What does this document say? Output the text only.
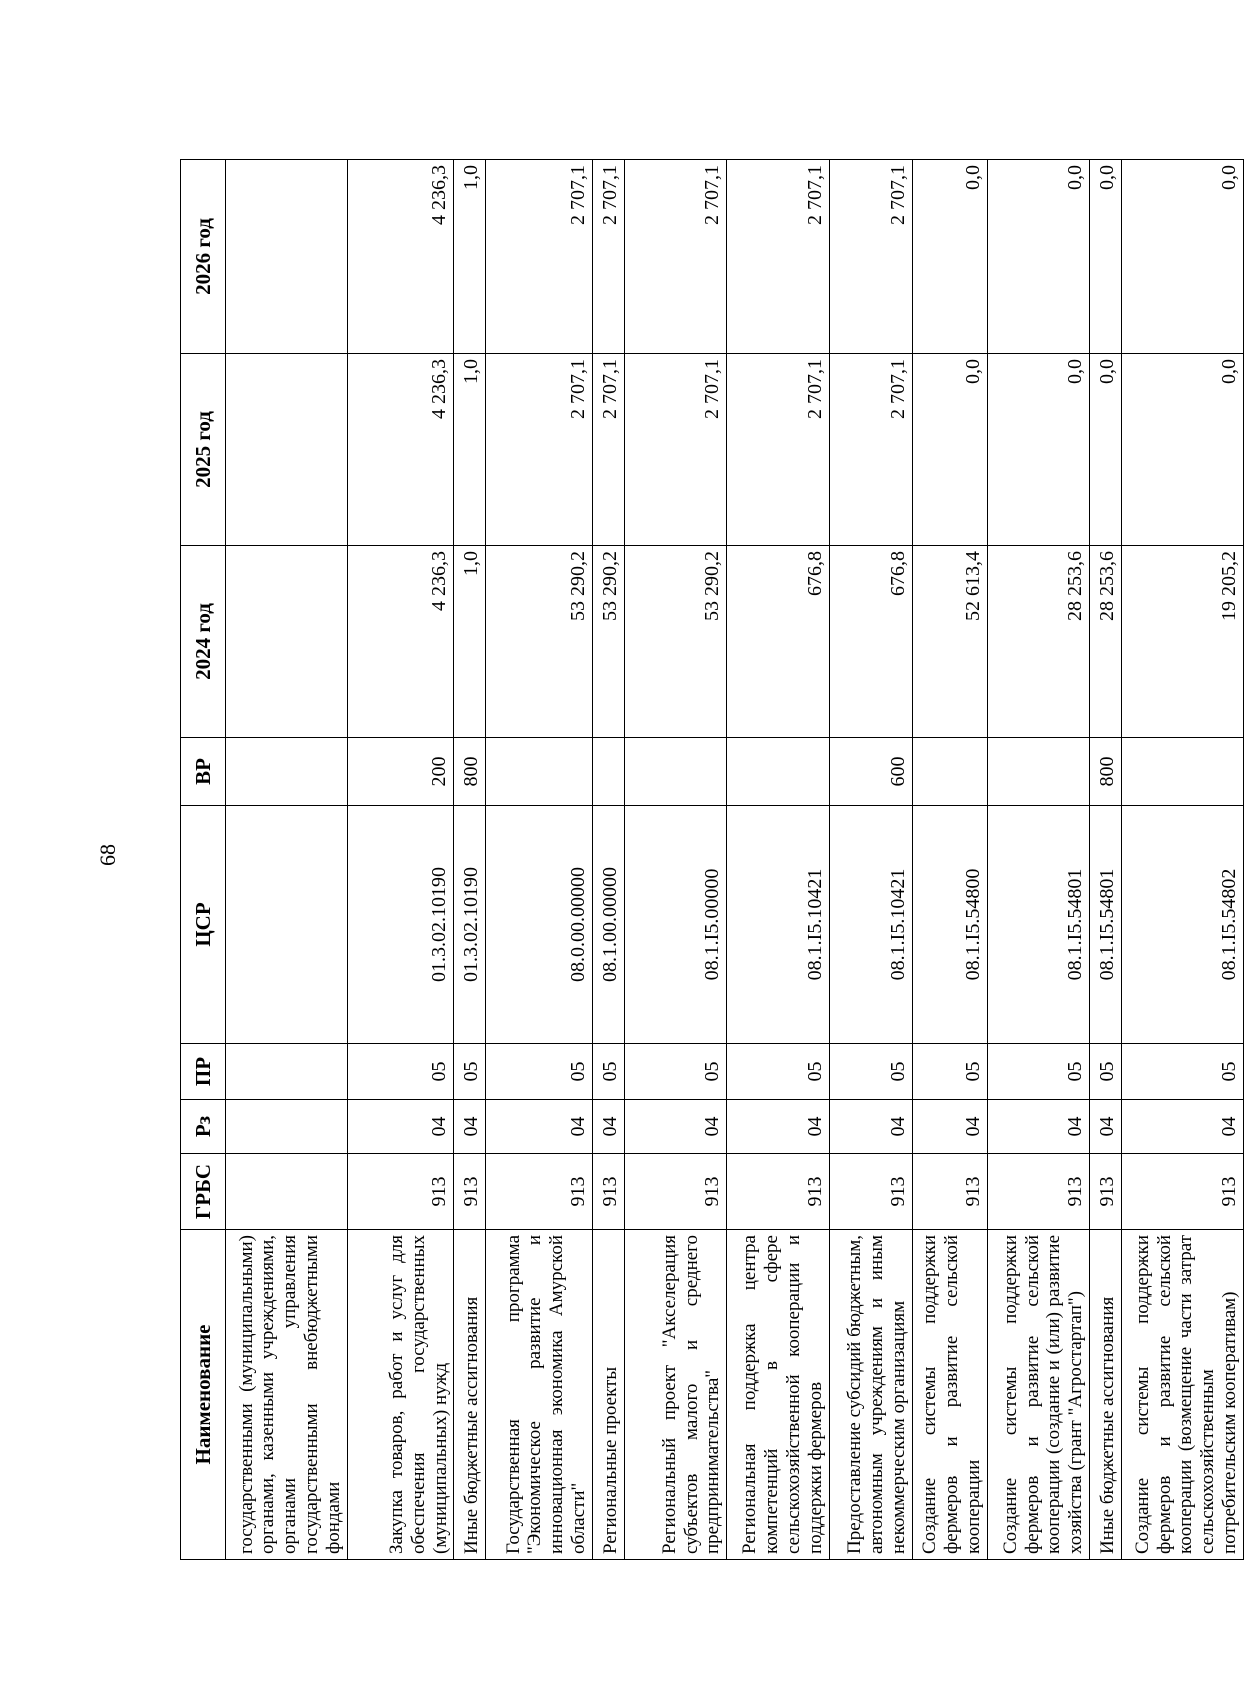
68
Наименование	ГРБС	Рз	ПР	ЦСР	ВР	2024 год	2025 год	2026 год
государственными (муниципальными) органами, казенными учреждениями, органами управления государственными внебюджетными фондами								
Закупка товаров, работ и услуг для обеспечения государственных (муниципальных) нужд	913	04	05	01.3.02.10190	200	4 236,3	4 236,3	4 236,3
Иные бюджетные ассигнования	913	04	05	01.3.02.10190	800	1,0	1,0	1,0
Государственная программа "Экономическое развитие и инновационная экономика Амурской области"	913	04	05	08.0.00.00000		53 290,2	2 707,1	2 707,1
Региональные проекты	913	04	05	08.1.00.00000		53 290,2	2 707,1	2 707,1
Региональный проект "Акселерация субъектов малого и среднего предпринимательства"	913	04	05	08.1.I5.00000		53 290,2	2 707,1	2 707,1
Региональная поддержка центра компетенций в сфере сельскохозяйственной кооперации и поддержки фермеров	913	04	05	08.1.I5.10421		676,8	2 707,1	2 707,1
Предоставление субсидий бюджетным, автономным учреждениям и иным некоммерческим организациям	913	04	05	08.1.I5.10421	600	676,8	2 707,1	2 707,1
Создание системы поддержки фермеров и развитие сельской кооперации	913	04	05	08.1.I5.54800		52 613,4	0,0	0,0
Создание системы поддержки фермеров и развитие сельской кооперации (создание и (или) развитие хозяйства (грант "Агростартап")	913	04	05	08.1.I5.54801		28 253,6	0,0	0,0
Иные бюджетные ассигнования	913	04	05	08.1.I5.54801	800	28 253,6	0,0	0,0
Создание системы поддержки фермеров и развитие сельской кооперации (возмещение части затрат сельскохозяйственным потребительским кооперативам)	913	04	05	08.1.I5.54802		19 205,2	0,0	0,0
